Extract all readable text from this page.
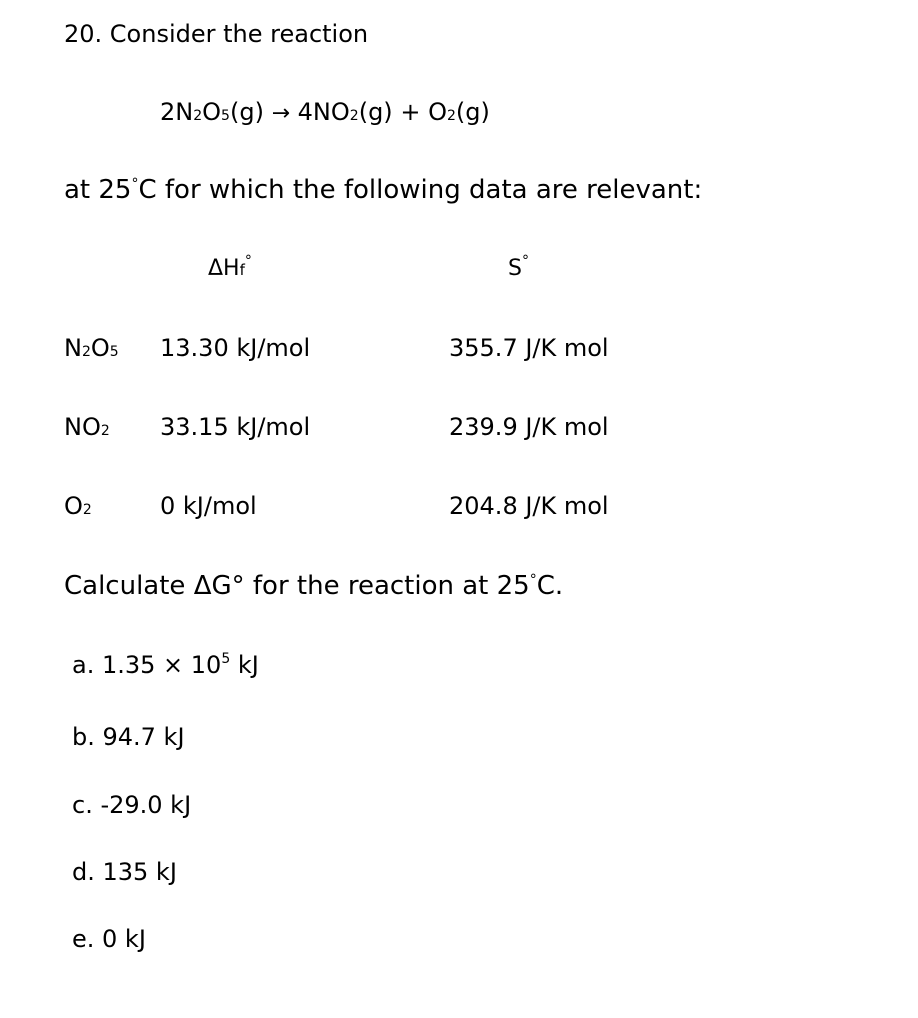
20. Consider the reaction
2N2O5(g) → 4NO2(g) + O2(g)
at 25°C for which the following data are relevant:
ΔHf°	S°
N2O5 13.30 kJ/mol	355.7 J/K mol
NO2 33.15 kJ/mol	239.9 J/K mol
O2	0 kJ/mol	204.8 J/K mol
Calculate ΔG° for the reaction at 25°C.
a. $1.35 \times 10^5$ kJ
b. 94.7 kJ
c. -29.0 kJ
d. 135 kJ
e. 0 kJ
